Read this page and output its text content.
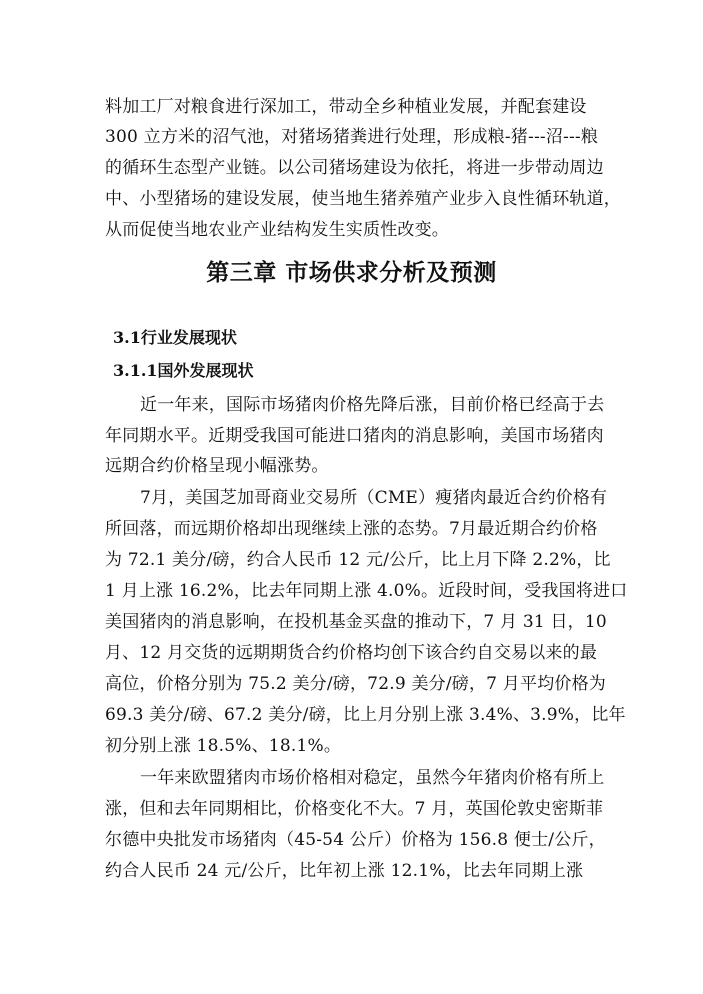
料加工厂对粮食进行深加工，带动全乡种植业发展，并配套建设
300 立方米的沼气池，对猪场猪粪进行处理，形成粮-猪---沼---粮
的循环生态型产业链。以公司猪场建设为依托，将进一步带动周边
中、小型猪场的建设发展，使当地生猪养殖产业步入良性循环轨道，
从而促使当地农业产业结构发生实质性改变。
第三章 市场供求分析及预测
3.1行业发展现状
3.1.1国外发展现状
近一年来，国际市场猪肉价格先降后涨，目前价格已经高于去
年同期水平。近期受我国可能进口猪肉的消息影响，美国市场猪肉
远期合约价格呈现小幅涨势。
7月，美国芝加哥商业交易所（CME）瘦猪肉最近合约价格有
所回落，而远期价格却出现继续上涨的态势。7月最近期合约价格
为 72.1 美分/磅，约合人民币 12 元/公斤，比上月下降 2.2%，比
1 月上涨 16.2%，比去年同期上涨 4.0%。近段时间，受我国将进口
美国猪肉的消息影响，在投机基金买盘的推动下，7 月 31 日，10
月、12 月交货的远期期货合约价格均创下该合约自交易以来的最
高位，价格分别为 75.2 美分/磅，72.9 美分/磅，7 月平均价格为
69.3 美分/磅、67.2 美分/磅，比上月分别上涨 3.4%、3.9%，比年
初分别上涨 18.5%、18.1%。
一年来欧盟猪肉市场价格相对稳定，虽然今年猪肉价格有所上
涨，但和去年同期相比，价格变化不大。7 月，英国伦敦史密斯菲
尔德中央批发市场猪肉（45-54 公斤）价格为 156.8 便士/公斤，
约合人民币 24 元/公斤，比年初上涨 12.1%，比去年同期上涨
